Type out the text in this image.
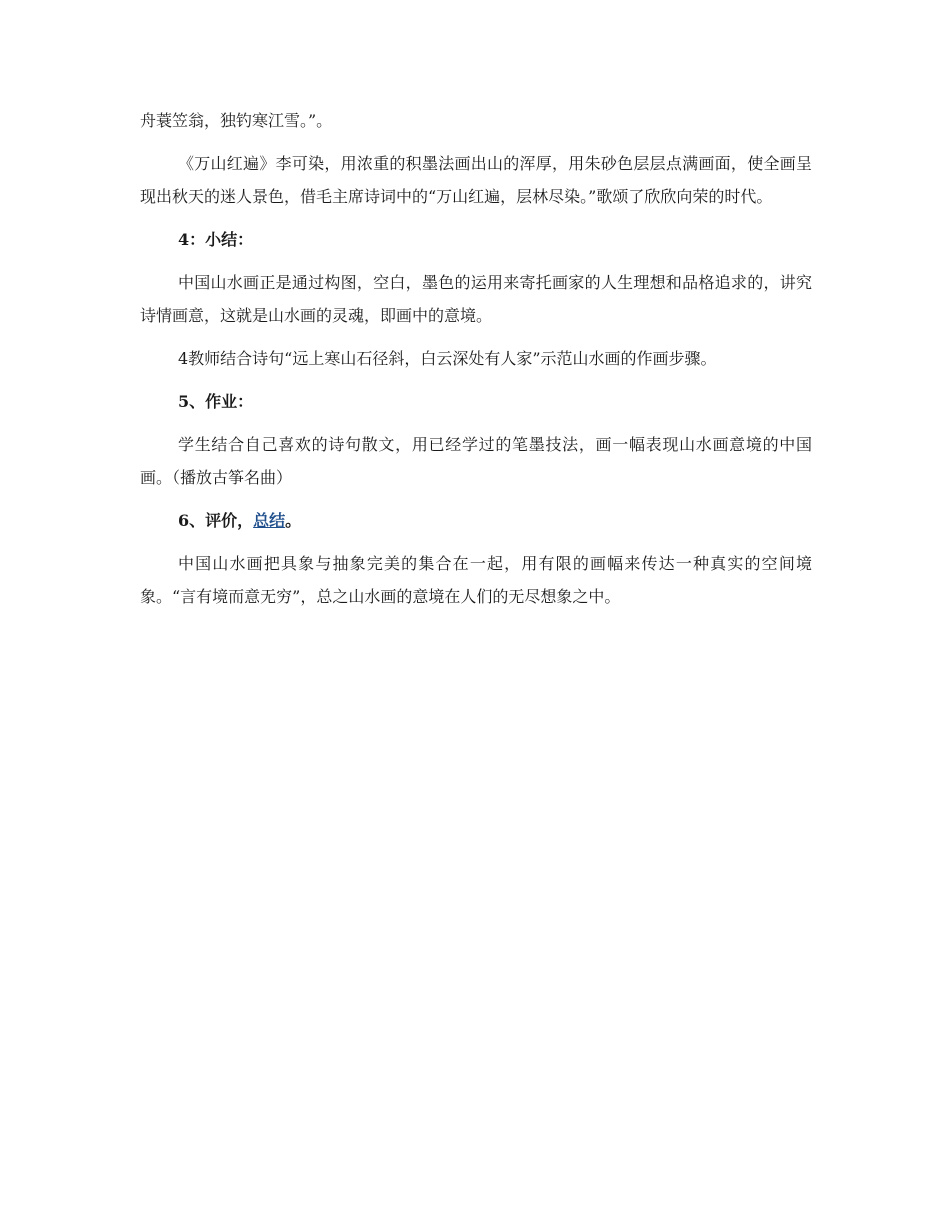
舟蓑笠翁，独钓寒江雪。”。

《万山红遍》李可染，用浓重的积墨法画出山的浑厚，用朱砂色层层点满画面，使全画呈现出秋天的迷人景色，借毛主席诗词中的“万山红遍，层林尽染。”歌颂了欣欣向荣的时代。

4：小结：

中国山水画正是通过构图，空白，墨色的运用来寄托画家的人生理想和品格追求的，讲究诗情画意，这就是山水画的灵魂，即画中的意境。

4教师结合诗句“远上寒山石径斜，白云深处有人家”示范山水画的作画步骤。

5、作业：

学生结合自己喜欢的诗句散文，用已经学过的笔墨技法，画一幅表现山水画意境的中国画。（播放古筝名曲）

6、评价，总结。

中国山水画把具象与抽象完美的集合在一起，用有限的画幅来传达一种真实的空间境象。“言有境而意无穷”，总之山水画的意境在人们的无尽想象之中。
